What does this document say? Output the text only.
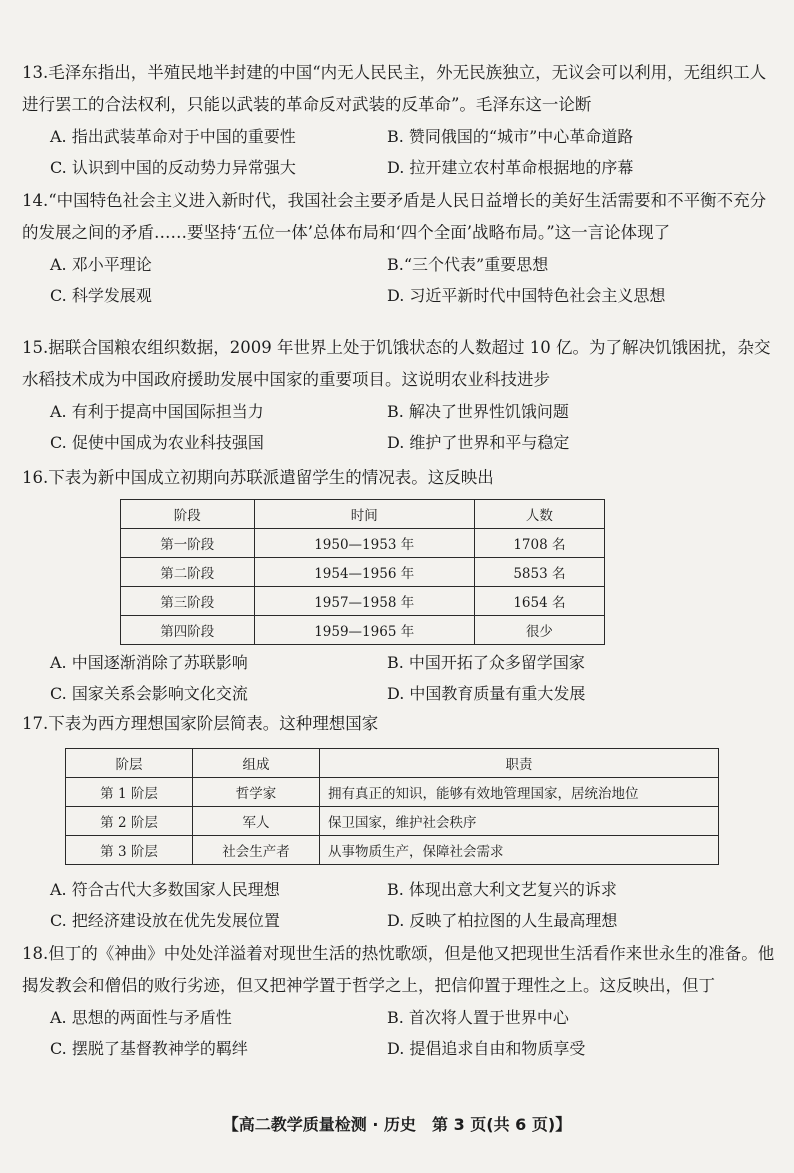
13.毛泽东指出，半殖民地半封建的中国“内无人民民主，外无民族独立，无议会可以利用，无组织工人进行罢工的合法权利，只能以武装的革命反对武装的反革命”。毛泽东这一论断

A. 指出武装革命对于中国的重要性	B. 赞同俄国的“城市”中心革命道路
C. 认识到中国的反动势力异常强大	D. 拉开建立农村革命根据地的序幕

14.“中国特色社会主义进入新时代，我国社会主要矛盾是人民日益增长的美好生活需要和不平衡不充分的发展之间的矛盾……要坚持‘五位一体’总体布局和‘四个全面’战略布局。”这一言论体现了

A. 邓小平理论	B.“三个代表”重要思想
C. 科学发展观	D. 习近平新时代中国特色社会主义思想

15.据联合国粮农组织数据，2009 年世界上处于饥饿状态的人数超过 10 亿。为了解决饥饿困扰，杂交水稻技术成为中国政府援助发展中国家的重要项目。这说明农业科技进步

A. 有利于提高中国国际担当力	B. 解决了世界性饥饿问题
C. 促使中国成为农业科技强国	D. 维护了世界和平与稳定

16.下表为新中国成立初期向苏联派遣留学生的情况表。这反映出

阶段	时间	人数
第一阶段	1950—1953 年	1708 名
第二阶段	1954—1956 年	5853 名
第三阶段	1957—1958 年	1654 名
第四阶段	1959—1965 年	很少
A. 中国逐渐消除了苏联影响	B. 中国开拓了众多留学国家
C. 国家关系会影响文化交流	D. 中国教育质量有重大发展

17.下表为西方理想国家阶层简表。这种理想国家

阶层	组成	职责
第 1 阶层	哲学家	拥有真正的知识，能够有效地管理国家，居统治地位
第 2 阶层	军人	保卫国家，维护社会秩序
第 3 阶层	社会生产者	从事物质生产，保障社会需求
A. 符合古代大多数国家人民理想	B. 体现出意大利文艺复兴的诉求
C. 把经济建设放在优先发展位置	D. 反映了柏拉图的人生最高理想

18.但丁的《神曲》中处处洋溢着对现世生活的热忱歌颂，但是他又把现世生活看作来世永生的准备。他揭发教会和僧侣的败行劣迹，但又把神学置于哲学之上，把信仰置于理性之上。这反映出，但丁

A. 思想的两面性与矛盾性	B. 首次将人置于世界中心
C. 摆脱了基督教神学的羁绊	D. 提倡追求自由和物质享受
【高二教学质量检测 · 历史　第 3 页(共 6 页)】
